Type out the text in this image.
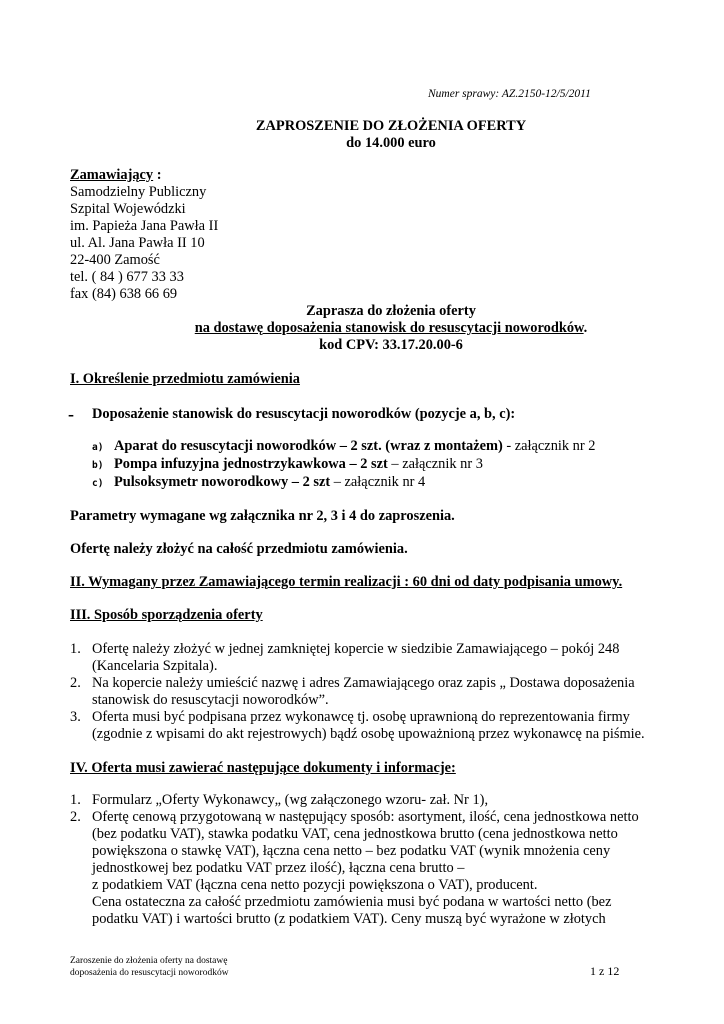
Numer sprawy: AZ.2150-12/5/2011
ZAPROSZENIE DO ZŁOŻENIA OFERTY
do 14.000 euro
Zamawiający :
Samodzielny Publiczny
Szpital Wojewódzki
im. Papieża Jana Pawła II
ul. Al. Jana Pawła II 10
22-400 Zamość
tel. ( 84 ) 677 33 33
fax (84) 638 66 69
Zaprasza do złożenia oferty
na dostawę doposażenia stanowisk do resuscytacji noworodków.
kod CPV: 33.17.20.00-6
I. Określenie przedmiotu zamówienia
- Doposażenie stanowisk do resuscytacji noworodków (pozycje a, b, c):
a) Aparat do resuscytacji noworodków – 2 szt. (wraz z montażem) - załącznik nr 2
b) Pompa infuzyjna jednostrzykawkowa – 2 szt – załącznik nr 3
c) Pulsoksymetr noworodkowy – 2 szt – załącznik nr 4
Parametry wymagane wg załącznika nr 2, 3 i 4 do zaproszenia.
Ofertę należy złożyć na całość przedmiotu zamówienia.
II. Wymagany przez Zamawiającego termin realizacji : 60 dni od daty podpisania umowy.
III. Sposób sporządzenia oferty
1. Ofertę należy złożyć w jednej zamkniętej kopercie w siedzibie Zamawiającego – pokój 248
(Kancelaria Szpitala).
2. Na kopercie należy umieścić nazwę i adres Zamawiającego oraz zapis „ Dostawa doposażenia
stanowisk do resuscytacji noworodków”.
3. Oferta musi być podpisana przez wykonawcę tj. osobę uprawnioną do reprezentowania firmy
(zgodnie z wpisami do akt rejestrowych) bądź osobę upoważnioną przez wykonawcę na piśmie.
IV. Oferta musi zawierać następujące dokumenty i informacje:
1. Formularz „Oferty Wykonawcy„ (wg załączonego wzoru- zał. Nr 1),
2. Ofertę cenową przygotowaną w następujący sposób: asortyment, ilość, cena jednostkowa netto
(bez podatku VAT), stawka podatku VAT, cena jednostkowa brutto (cena jednostkowa netto
powiększona o stawkę VAT), łączna cena netto – bez podatku VAT (wynik mnożenia ceny
jednostkowej bez podatku VAT przez ilość), łączna cena brutto –
z podatkiem VAT (łączna cena netto pozycji powiększona o VAT), producent.
Cena ostateczna za całość przedmiotu zamówienia musi być podana w wartości netto (bez
podatku VAT) i wartości brutto (z podatkiem VAT). Ceny muszą być wyrażone w złotych
Zaroszenie do złożenia oferty na dostawę
doposażenia do resuscytacji noworodków	1 z 12
